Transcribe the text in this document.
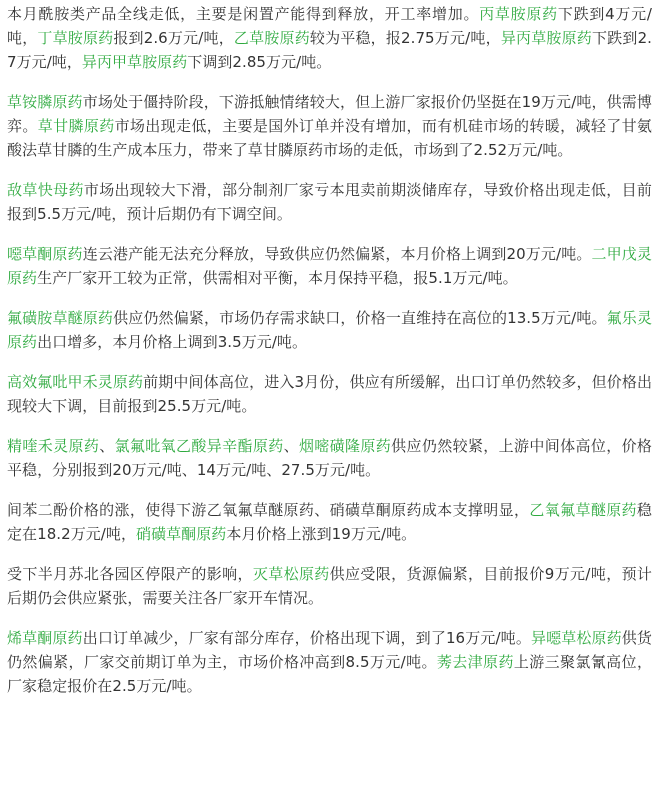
本月酰胺类产品全线走低，主要是闲置产能得到释放，开工率增加。丙草胺原药下跌到4万元/吨，丁草胺原药报到2.6万元/吨，乙草胺原药较为平稳，报2.75万元/吨，异丙草胺原药下跌到2.7万元/吨，异丙甲草胺原药下调到2.85万元/吨。

草铵膦原药市场处于僵持阶段，下游抵触情绪较大，但上游厂家报价仍坚挺在19万元/吨，供需博弈。草甘膦原药市场出现走低，主要是国外订单并没有增加，而有机硅市场的转暖，减轻了甘氨酸法草甘膦的生产成本压力，带来了草甘膦原药市场的走低，市场到了2.52万元/吨。

敌草快母药市场出现较大下滑，部分制剂厂家亏本甩卖前期淡储库存，导致价格出现走低，目前报到5.5万元/吨，预计后期仍有下调空间。

噁草酮原药连云港产能无法充分释放，导致供应仍然偏紧，本月价格上调到20万元/吨。二甲戊灵原药生产厂家开工较为正常，供需相对平衡，本月保持平稳，报5.1万元/吨。

氟磺胺草醚原药供应仍然偏紧，市场仍存需求缺口，价格一直维持在高位的13.5万元/吨。氟乐灵原药出口增多，本月价格上调到3.5万元/吨。

高效氟吡甲禾灵原药前期中间体高位，进入3月份，供应有所缓解，出口订单仍然较多，但价格出现较大下调，目前报到25.5万元/吨。

精喹禾灵原药、氯氟吡氧乙酸异辛酯原药、烟嘧磺隆原药供应仍然较紧，上游中间体高位，价格平稳，分别报到20万元/吨、14万元/吨、27.5万元/吨。

间苯二酚价格的涨，使得下游乙氧氟草醚原药、硝磺草酮原药成本支撑明显，乙氧氟草醚原药稳定在18.2万元/吨，硝磺草酮原药本月价格上涨到19万元/吨。

受下半月苏北各园区停限产的影响，灭草松原药供应受限，货源偏紧，目前报价9万元/吨，预计后期仍会供应紧张，需要关注各厂家开车情况。

烯草酮原药出口订单减少，厂家有部分库存，价格出现下调，到了16万元/吨。异噁草松原药供货仍然偏紧，厂家交前期订单为主，市场价格冲高到8.5万元/吨。莠去津原药上游三聚氯氰高位，厂家稳定报价在2.5万元/吨。
